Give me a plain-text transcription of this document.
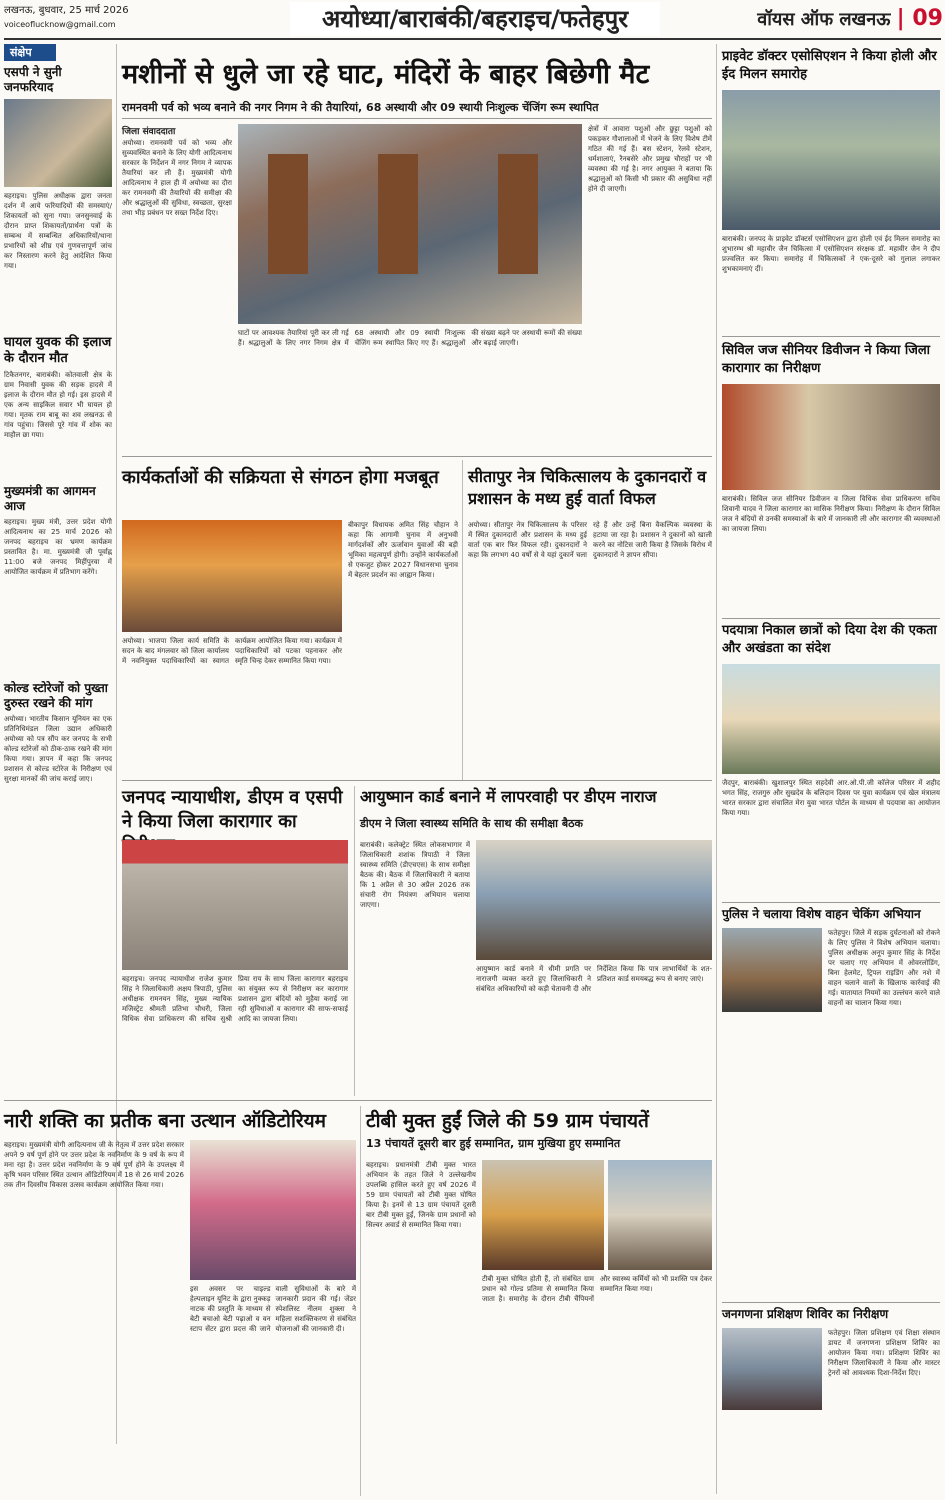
लखनऊ, बुधवार, 25 मार्च 2026
voiceoflucknow@gmail.com	अयोध्या/बाराबंकी/बहराइच/फतेहपुर	वॉयस ऑफ लखनऊ | 09
संक्षेप
एसपी ने सुनी जनफरियाद
बहराइच। पुलिस अधीक्षक द्वारा जनता दर्शन में आये फरियादियों की समस्याएं/शिकायतों को सुना गया। जनसुनवाई के दौरान प्राप्त शिकायतों/प्रार्थना पत्रों के सम्बन्ध में सम्बन्धित अधिकारियों/थाना प्रभारियों को शीघ्र एवं गुणवत्तापूर्ण जांच कर निस्तारण करने हेतु आदेशित किया गया।
घायल युवक की इलाज के दौरान मौत
टिकैतनगर, बाराबंकी। कोतवाली क्षेत्र के ग्राम निवासी युवक की सड़क हादसे में इलाज के दौरान मौत हो गई। इस हादसे में एक अन्य साइकिल सवार भी घायल हो गया। मृतक राम बाबू का शव लखनऊ से गांव पहुंचा। जिससे पूरे गांव में शोक का माहौल छा गया।
मुख्यमंत्री का आगमन आज
बहराइच। मुख्य मंत्री, उत्तर प्रदेश योगी आदित्यनाथ का 25 मार्च 2026 को जनपद बहराइच का भ्रमण कार्यक्रम प्रस्तावित है। मा. मुख्यमंत्री जी पूर्वाह्न 11:00 बजे जनपद मिहींपुरवा में आयोजित कार्यक्रम में प्रतिभाग करेंगे।
कोल्ड स्टोरेजों को पुख्ता दुरुस्त रखने की मांग
अयोध्या। भारतीय किसान यूनियन का एक प्रतिनिधिमंडल जिला उद्यान अधिकारी अयोध्या को पत्र सौंप कर जनपद के सभी कोल्ड स्टोरेजों को ठीक-ठाक रखने की मांग किया गया। ज्ञापन में कहा कि जनपद प्रशासन से कोल्ड स्टोरेज के निरीक्षण एवं सुरक्षा मानकों की जांच कराई जाए।
मशीनों से धुले जा रहे घाट, मंदिरों के बाहर बिछेगी मैट
रामनवमी पर्व को भव्य बनाने की नगर निगम ने की तैयारियां, 68 अस्थायी और 09 स्थायी निःशुल्क चेंजिंग रूम स्थापित
जिला संवाददाता
अयोध्या। रामनवमी पर्व को भव्य और सुव्यवस्थित बनाने के लिए योगी आदित्यनाथ सरकार के निर्देशन में नगर निगम ने व्यापक तैयारियां कर ली हैं। मुख्यमंत्री योगी आदित्यनाथ ने हाल ही में अयोध्या का दौरा कर रामनवमी की तैयारियों की समीक्षा की और श्रद्धालुओं की सुविधा, स्वच्छता, सुरक्षा तथा भीड़ प्रबंधन पर सख्त निर्देश दिए।
घाटों पर आवश्यक तैयारियां पूरी कर ली गई हैं। श्रद्धालुओं के लिए नगर निगम क्षेत्र में 68 अस्थायी और 09 स्थायी निःशुल्क चेंजिंग रूम स्थापित किए गए हैं। श्रद्धालुओं की संख्या बढ़ने पर अस्थायी रूमों की संख्या और बढ़ाई जाएगी।
क्षेत्रों में आवारा पशुओं और छुट्टा पशुओं को पकड़कर गौशालाओं में भेजने के लिए विशेष टीमें गठित की गई हैं। बस स्टेशन, रेलवे स्टेशन, धर्मशालाएं, रैनबसेरे और प्रमुख चौराहों पर भी व्यवस्था की गई है। नगर आयुक्त ने बताया कि श्रद्धालुओं को किसी भी प्रकार की असुविधा नहीं होने दी जाएगी।
कार्यकर्ताओं की सक्रियता से संगठन होगा मजबूत
अयोध्या। भाजपा जिला कार्य समिति के सदन के बाद मंगलवार को जिला कार्यालय में नवनियुक्त पदाधिकारियों का स्वागत कार्यक्रम आयोजित किया गया। कार्यक्रम में पदाधिकारियों को पटका पहनाकर और स्मृति चिन्ह देकर सम्मानित किया गया।
बीकापुर विधायक अमित सिंह चौहान ने कहा कि आगामी चुनाव में अनुभवी मार्गदर्शकों और ऊर्जावान युवाओं की बड़ी भूमिका महत्वपूर्ण होगी। उन्होंने कार्यकर्ताओं से एकजुट होकर 2027 विधानसभा चुनाव में बेहतर प्रदर्शन का आह्वान किया।
सीतापुर नेत्र चिकित्सालय के दुकानदारों व प्रशासन के मध्य हुई वार्ता विफल
अयोध्या। सीतापुर नेत्र चिकित्सालय के परिसर में स्थित दुकानदारों और प्रशासन के मध्य हुई वार्ता एक बार फिर विफल रही। दुकानदारों ने कहा कि लगभग 40 वर्षों से वे यहां दुकानें चला रहे हैं और उन्हें बिना वैकल्पिक व्यवस्था के हटाया जा रहा है। प्रशासन ने दुकानों को खाली करने का नोटिस जारी किया है जिसके विरोध में दुकानदारों ने ज्ञापन सौंपा।
जनपद न्यायाधीश, डीएम व एसपी ने किया जिला कारागार का
बहराइच। जनपद न्यायाधीश राजेश कुमार सिंह ने जिलाधिकारी अक्षय त्रिपाठी, पुलिस अधीक्षक रामनयन सिंह, मुख्य न्यायिक मजिस्ट्रेट श्रीमती प्रतिभा चौधरी, जिला विधिक सेवा प्राधिकरण की सचिव सुश्री प्रिया राय के साथ जिला कारागार बहराइच का संयुक्त रूप से निरीक्षण कर कारागार प्रशासन द्वारा बंदियों को मुहैया कराई जा रही सुविधाओं व कारागार की साफ-सफाई आदि का जायजा लिया।
आयुष्मान कार्ड बनाने में लापरवाही पर डीएम नाराज
डीएम ने जिला स्वास्थ्य समिति के साथ की समीक्षा बैठक
बाराबंकी। कलेक्ट्रेट स्थित लोकसभागार में जिलाधिकारी शशांक त्रिपाठी ने जिला स्वास्थ्य समिति (डीएचएस) के साथ समीक्षा बैठक की। बैठक में जिलाधिकारी ने बताया कि 1 अप्रैल से 30 अप्रैल 2026 तक संचारी रोग नियंत्रण अभियान चलाया जाएगा।
आयुष्मान कार्ड बनाने में धीमी प्रगति पर नाराजगी व्यक्त करते हुए जिलाधिकारी ने संबंधित अधिकारियों को कड़ी चेतावनी दी और निर्देशित किया कि पात्र लाभार्थियों के शत-प्रतिशत कार्ड समयबद्ध रूप से बनाए जाएं।
नारी शक्ति का प्रतीक बना उत्थान ऑडिटोरियम
बहराइच। मुख्यमंत्री योगी आदित्यनाथ जी के नेतृत्व में उत्तर प्रदेश सरकार अपने 9 वर्ष पूर्ण होने पर उत्तर प्रदेश के नवनिर्माण के 9 वर्ष के रूप में मना रहा है। उत्तर प्रदेश नवनिर्माण के 9 वर्ष पूर्ण होने के उपलक्ष्य में कृषि भवन परिसर स्थित उत्थान ऑडिटोरियम में 18 से 26 मार्च 2026 तक तीन दिवसीय विकास उत्सव कार्यक्रम आयोजित किया गया।
इस अवसर पर चाइल्ड हेल्पलाइन यूनिट के द्वारा नुक्कड़ नाटक की प्रस्तुति के माध्यम से बेटी बचाओ बेटी पढ़ाओ व वन स्टाप सेंटर द्वारा प्रदत्त की जाने वाली सुविधाओं के बारे में जानकारी प्रदान की गई। जेंडर स्पेशलिस्ट नीलम शुक्ला ने महिला सशक्तिकरण से संबंधित योजनाओं की जानकारी दी।
टीबी मुक्त हुईं जिले की 59 ग्राम पंचायतें
13 पंचायतें दूसरी बार हुई सम्मानित, ग्राम मुखिया हुए सम्मानित
बहराइच। प्रधानमंत्री टीबी मुक्त भारत अभियान के तहत जिले ने उल्लेखनीय उपलब्धि हासिल करते हुए वर्ष 2026 में 59 ग्राम पंचायतों को टीबी मुक्त घोषित किया है। इनमें से 13 ग्राम पंचायतें दूसरी बार टीबी मुक्त हुईं, जिनके ग्राम प्रधानों को सिल्वर अवार्ड से सम्मानित किया गया।
टीबी मुक्त घोषित होती हैं, तो संबंधित ग्राम प्रधान को गोल्ड प्रतिमा से सम्मानित किया जाता है। समारोह के दौरान टीबी चैंपियनों और स्वास्थ्य कर्मियों को भी प्रशस्ति पत्र देकर सम्मानित किया गया।
प्राइवेट डॉक्टर एसोसिएशन ने किया होली और ईद मिलन समारोह
बाराबंकी। जनपद के प्राइवेट डॉक्टर्स एसोसिएशन द्वारा होली एवं ईद मिलन समारोह का शुभारम्भ श्री महावीर जैन चिकित्सा में एसोसिएशन संरक्षक डॉ. महावीर जैन ने दीप प्रज्वलित कर किया। समारोह में चिकित्सकों ने एक-दूसरे को गुलाल लगाकर शुभकामनाएं दीं।
सिविल जज सीनियर डिवीजन ने किया जिला कारागार का निरीक्षण
बाराबंकी। सिविल जज सीनियर डिवीजन व जिला विधिक सेवा प्राधिकरण सचिव शिवानी यादव ने जिला कारागार का मासिक निरीक्षण किया। निरीक्षण के दौरान सिविल जज ने बंदियों से उनकी समस्याओं के बारे में जानकारी ली और कारागार की व्यवस्थाओं का जायजा लिया।
पदयात्रा निकाल छात्रों को दिया देश की एकता और अखंडता का संदेश
जैदपुर, बाराबंकी। खुशालपुर स्थित सहदेवी आर.ओ.पी.जी कॉलेज परिसर में शहीद भगत सिंह, राजगुरु और सुखदेव के बलिदान दिवस पर युवा कार्यक्रम एवं खेल मंत्रालय भारत सरकार द्वारा संचालित मेरा युवा भारत पोर्टल के माध्यम से पदयात्रा का आयोजन किया गया।
पुलिस ने चलाया विशेष वाहन चेकिंग अभियान
फतेहपुर। जिले में सड़क दुर्घटनाओं को रोकने के लिए पुलिस ने विशेष अभियान चलाया। पुलिस अधीक्षक अनूप कुमार सिंह के निर्देश पर चलाए गए अभियान में ओवरलोडिंग, बिना हेलमेट, ट्रिपल राइडिंग और नशे में वाहन चलाने वालों के खिलाफ कार्रवाई की गई। यातायात नियमों का उल्लंघन करने वाले वाहनों का चालान किया गया।
जनगणना प्रशिक्षण शिविर का निरीक्षण
फतेहपुर। जिला प्रशिक्षण एवं शिक्षा संस्थान डायट में जनगणना प्रशिक्षण शिविर का आयोजन किया गया। प्रशिक्षण शिविर का निरीक्षण जिलाधिकारी ने किया और मास्टर ट्रेनरों को आवश्यक दिशा-निर्देश दिए।
